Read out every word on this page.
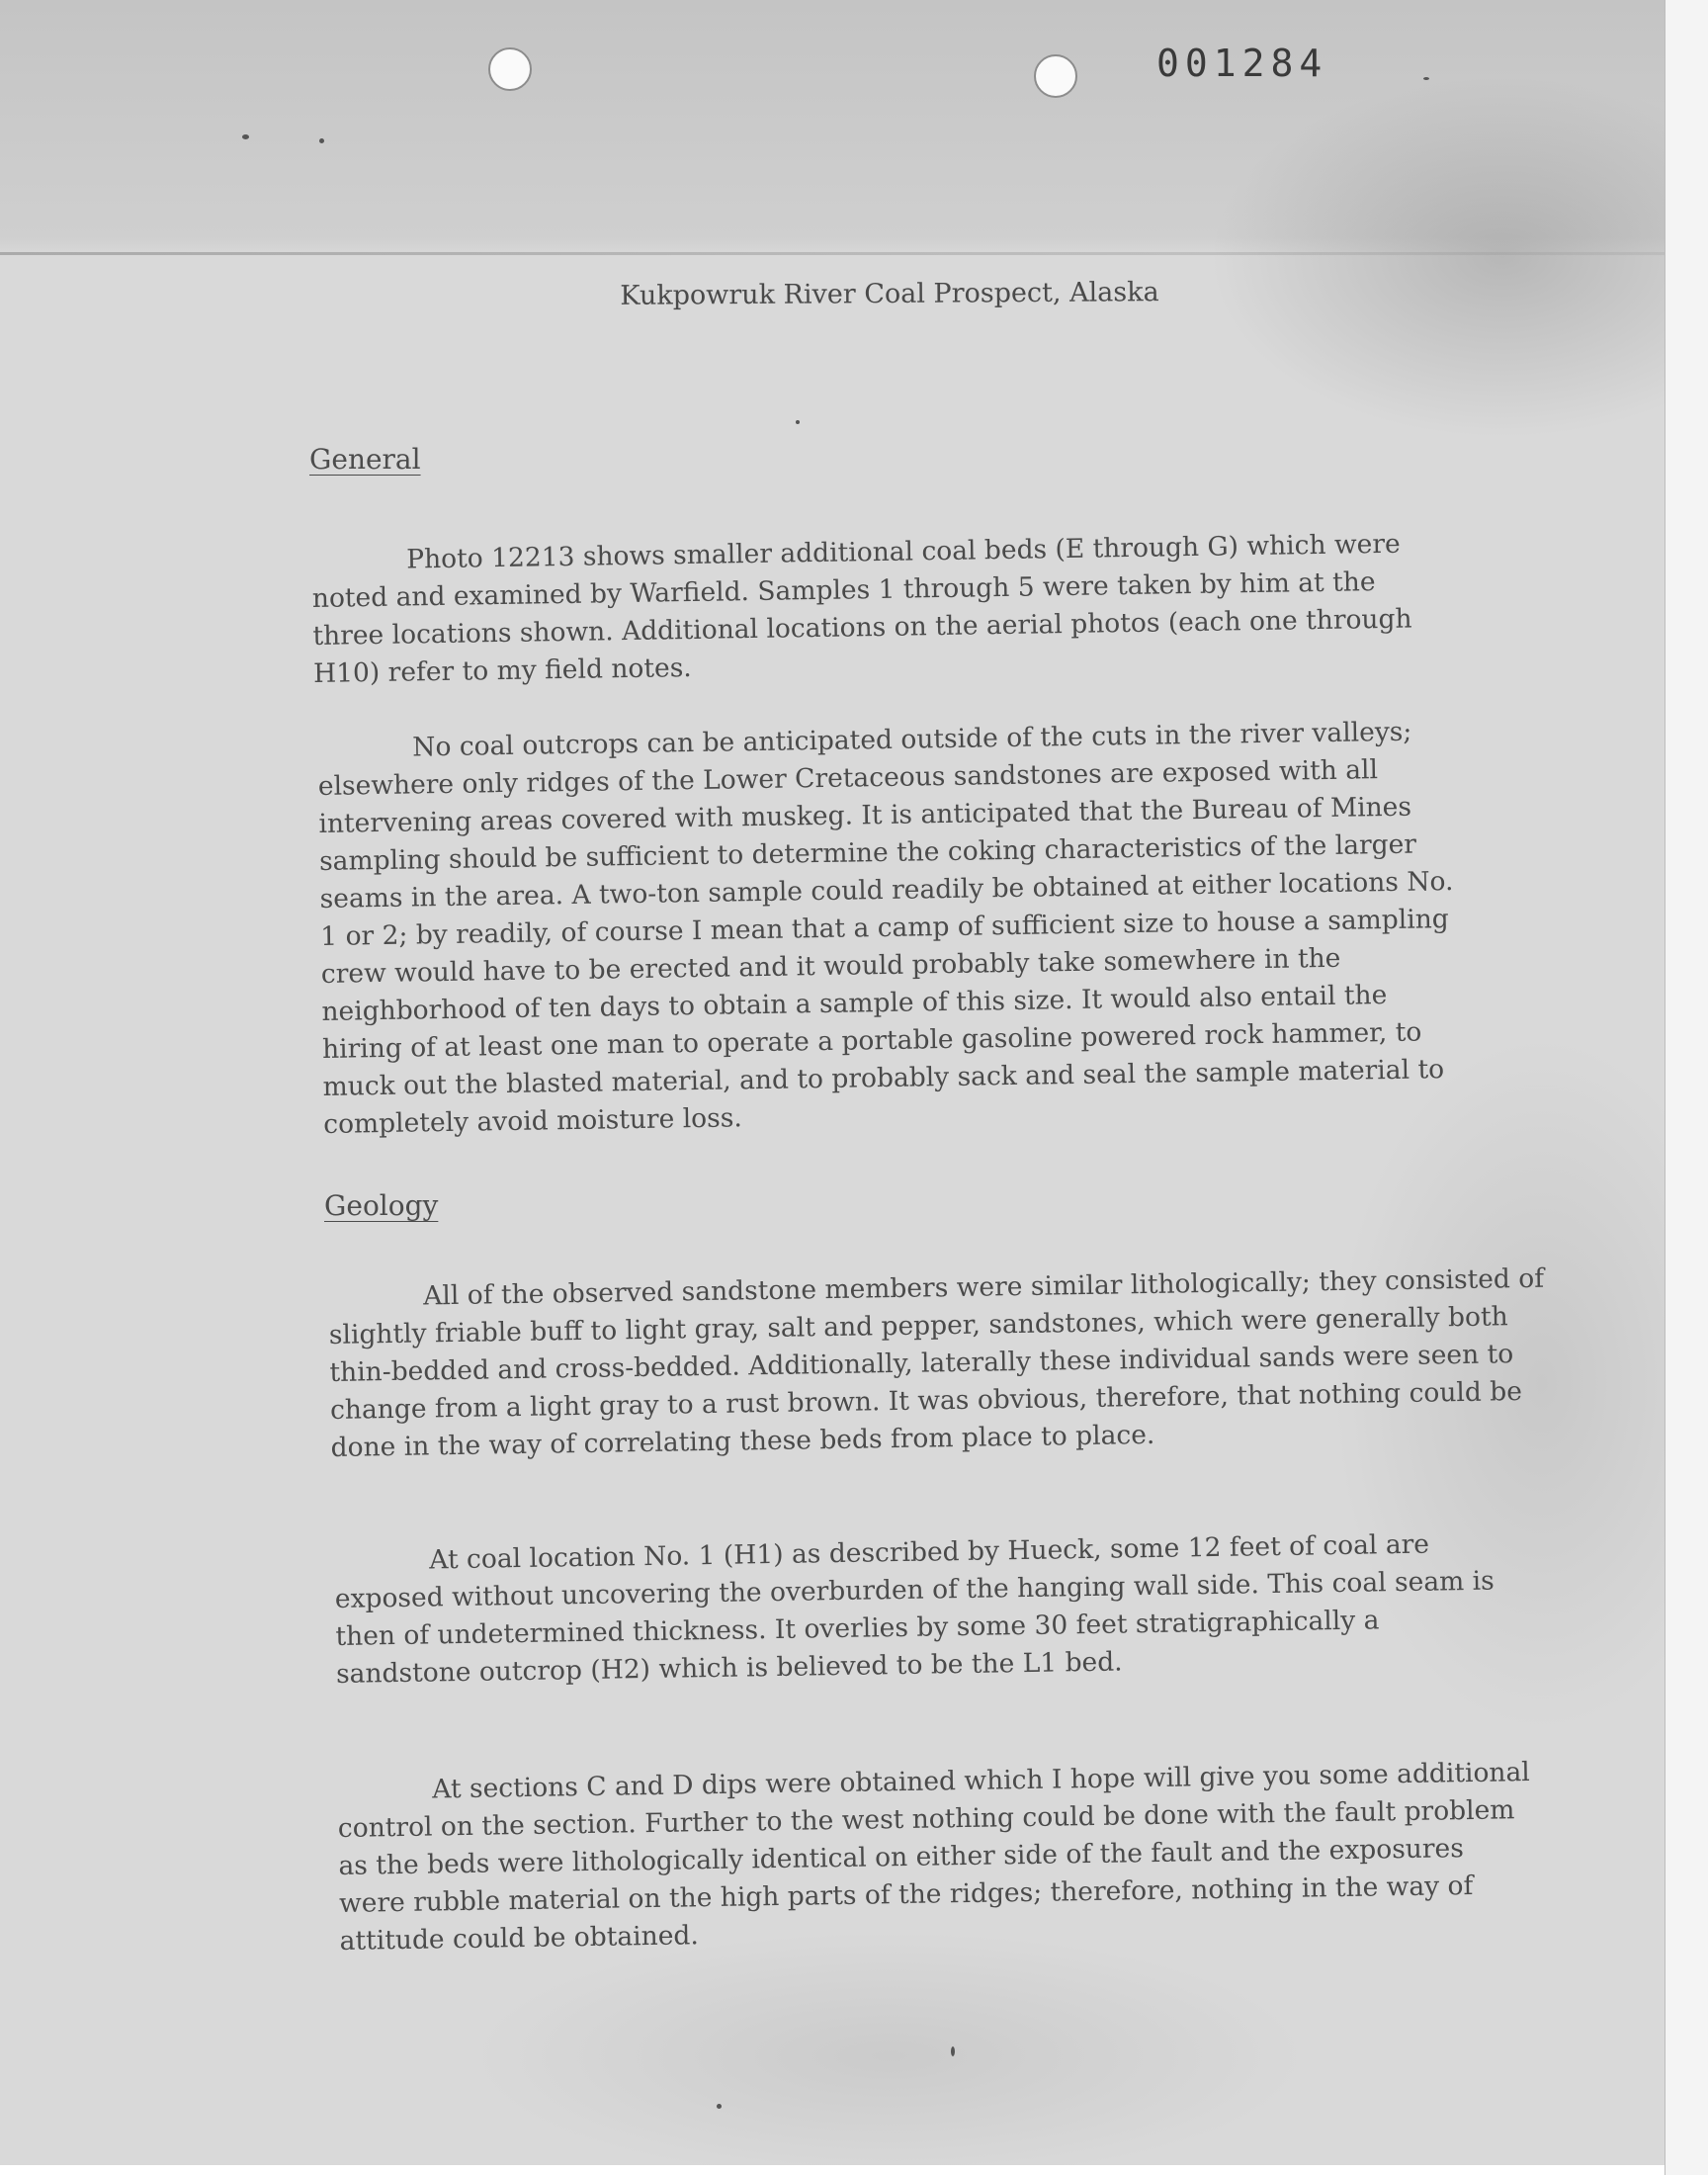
001284
Kukpowruk River Coal Prospect, Alaska
General

Photo 12213 shows smaller additional coal beds (E through G) which were noted and examined by Warfield. Samples 1 through 5 were taken by him at the three locations shown. Additional locations on the aerial photos (each one through H10) refer to my field notes.

No coal outcrops can be anticipated outside of the cuts in the river valleys; elsewhere only ridges of the Lower Cretaceous sandstones are exposed with all intervening areas covered with muskeg. It is anticipated that the Bureau of Mines sampling should be sufficient to determine the coking characteristics of the larger seams in the area. A two-ton sample could readily be obtained at either locations No. 1 or 2; by readily, of course I mean that a camp of sufficient size to house a sampling crew would have to be erected and it would probably take somewhere in the neighborhood of ten days to obtain a sample of this size. It would also entail the hiring of at least one man to operate a portable gasoline powered rock hammer, to muck out the blasted material, and to probably sack and seal the sample material to completely avoid moisture loss.

Geology

All of the observed sandstone members were similar lithologically; they consisted of slightly friable buff to light gray, salt and pepper, sandstones, which were generally both thin-bedded and cross-bedded. Additionally, laterally these individual sands were seen to change from a light gray to a rust brown. It was obvious, therefore, that nothing could be done in the way of correlating these beds from place to place.

At coal location No. 1 (H1) as described by Hueck, some 12 feet of coal are exposed without uncovering the overburden of the hanging wall side. This coal seam is then of undetermined thickness. It overlies by some 30 feet stratigraphically a sandstone outcrop (H2) which is believed to be the L1 bed.

At sections C and D dips were obtained which I hope will give you some additional control on the section. Further to the west nothing could be done with the fault problem as the beds were lithologically identical on either side of the fault and the exposures were rubble material on the high parts of the ridges; therefore, nothing in the way of attitude could be obtained.
